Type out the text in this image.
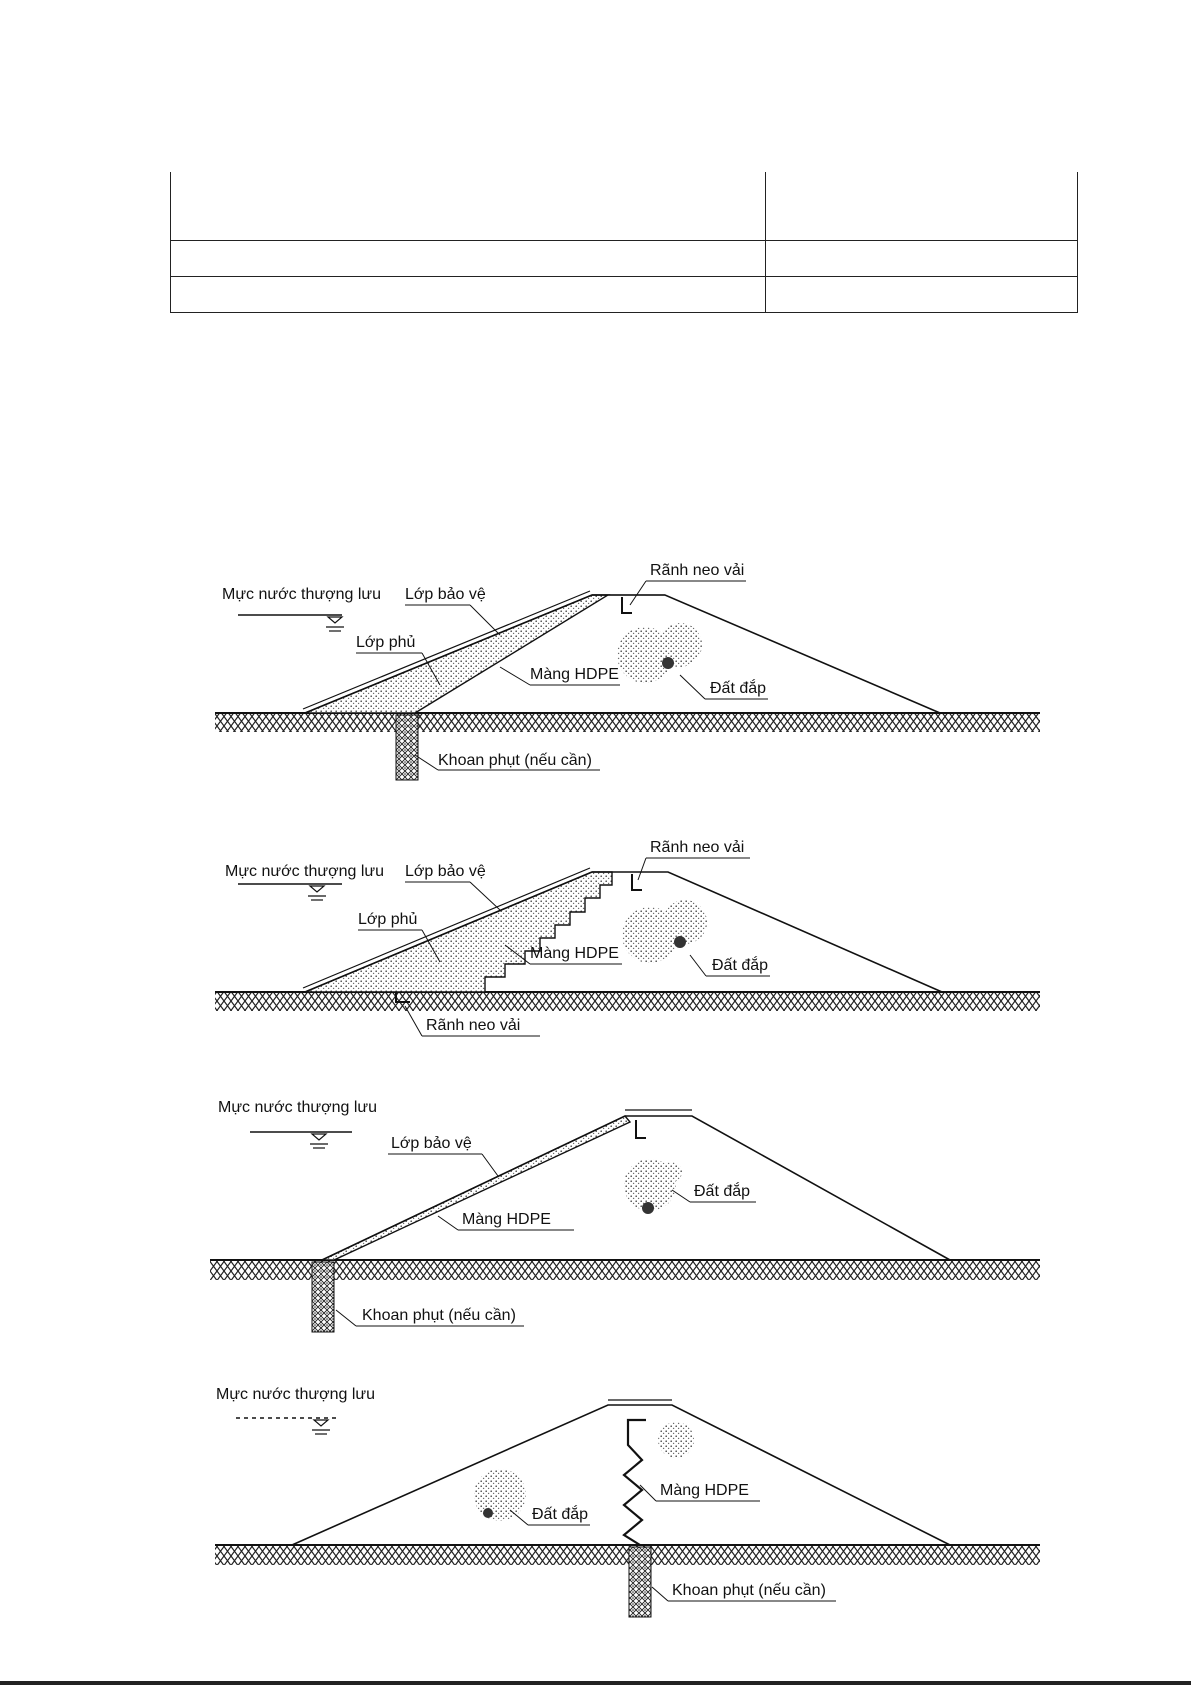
Mực nước thượng lưu Lớp bảo vệ
Lớp phủ
Rãnh neo vải
Màng HDPE
Đất đắp
Khoan phụt (nếu cần)
Mực nước thượng lưu Lớp bảo vệ
Lớp phủ
Rãnh neo vải
Màng HDPE
Đất đắp
Rãnh neo vải
Mực nước thượng lưu
Lớp bảo vệ
Màng HDPE
Đất đắp
Khoan phụt (nếu cần)
Mực nước thượng lưu
Màng HDPE
Đất đắp
Khoan phụt (nếu cần)
